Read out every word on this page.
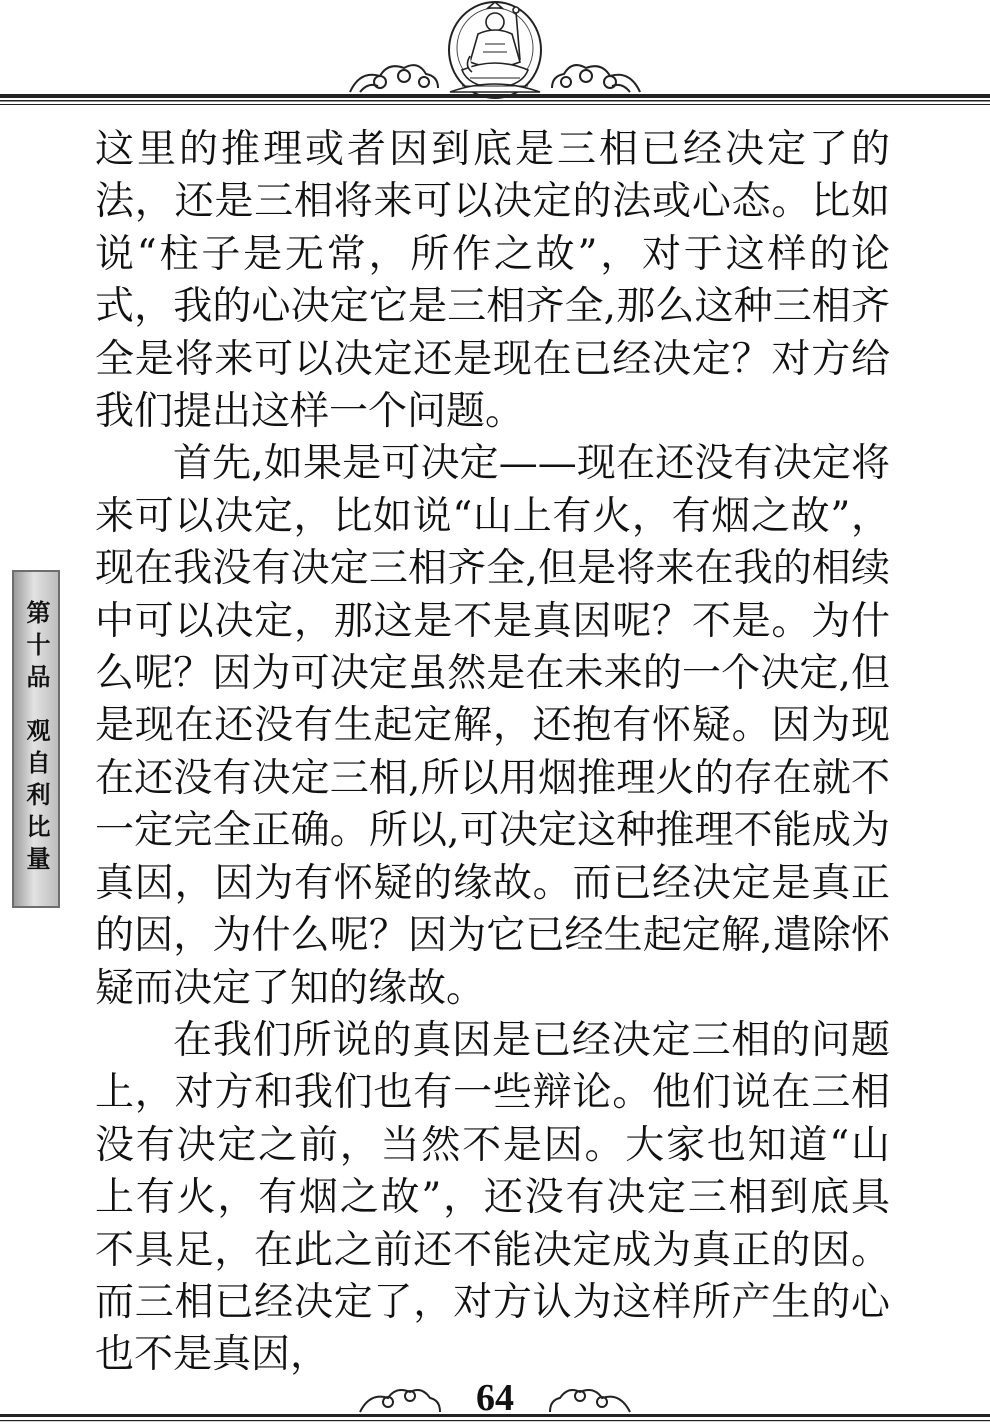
第十品
观自利比量

这里的推理或者因到底是三相已经决定了的法，还是三相将来可以决定的法或心态。比如说“柱子是无常，所作之故”，对于这样的论式，我的心决定它是三相齐全,那么这种三相齐全是将来可以决定还是现在已经决定？对方给我们提出这样一个问题。

首先,如果是可决定——现在还没有决定将来可以决定，比如说“山上有火，有烟之故”，现在我没有决定三相齐全,但是将来在我的相续中可以决定，那这是不是真因呢？不是。为什么呢？因为可决定虽然是在未来的一个决定,但是现在还没有生起定解，还抱有怀疑。因为现在还没有决定三相,所以用烟推理火的存在就不一定完全正确。所以,可决定这种推理不能成为真因，因为有怀疑的缘故。而已经决定是真正的因，为什么呢？因为它已经生起定解,遣除怀疑而决定了知的缘故。

在我们所说的真因是已经决定三相的问题上，对方和我们也有一些辩论。他们说在三相没有决定之前，当然不是因。大家也知道“山上有火，有烟之故”，还没有决定三相到底具不具足，在此之前还不能决定成为真正的因。而三相已经决定了，对方认为这样所产生的心也不是真因，

64
